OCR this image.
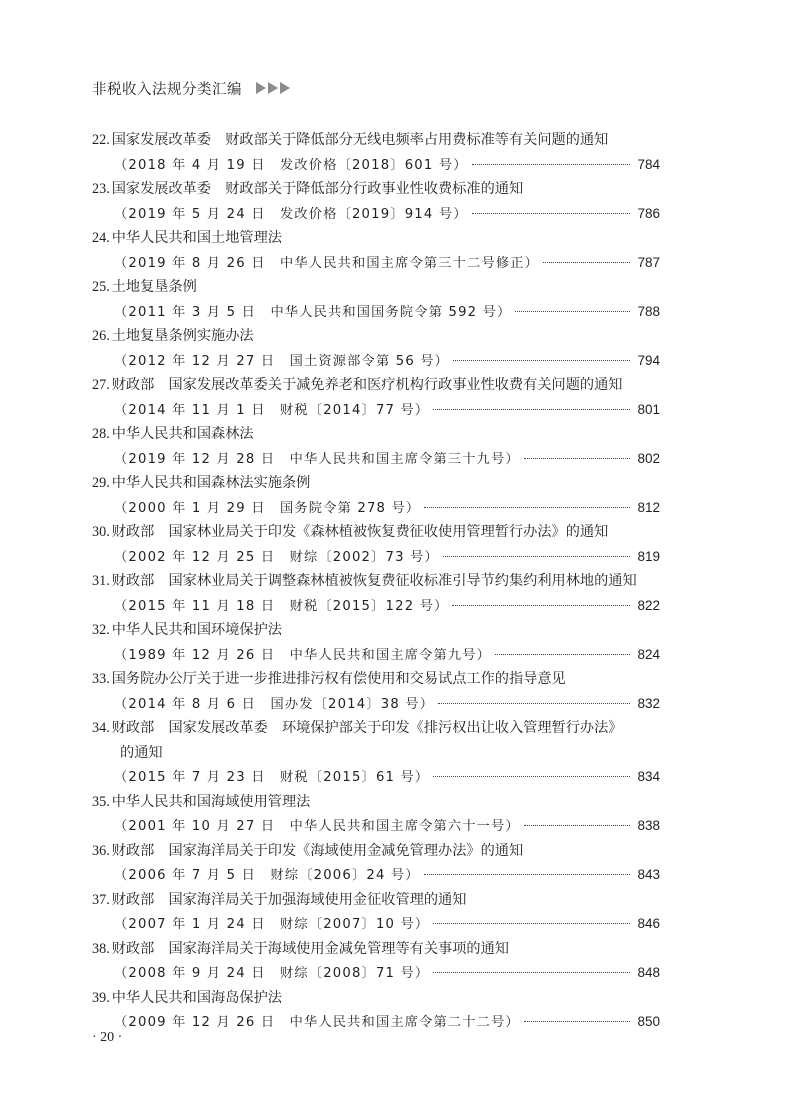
非税收入法规分类汇编
22. 国家发展改革委　财政部关于降低部分无线电频率占用费标准等有关问题的通知
（2018 年 4 月 19 日　发改价格〔2018〕601 号）	784
23. 国家发展改革委　财政部关于降低部分行政事业性收费标准的通知
（2019 年 5 月 24 日　发改价格〔2019〕914 号）	786
24. 中华人民共和国土地管理法
（2019 年 8 月 26 日　中华人民共和国主席令第三十二号修正）	787
25. 土地复垦条例
（2011 年 3 月 5 日　中华人民共和国国务院令第 592 号）	788
26. 土地复垦条例实施办法
（2012 年 12 月 27 日　国土资源部令第 56 号）	794
27. 财政部　国家发展改革委关于减免养老和医疗机构行政事业性收费有关问题的通知
（2014 年 11 月 1 日　财税〔2014〕77 号）	801
28. 中华人民共和国森林法
（2019 年 12 月 28 日　中华人民共和国主席令第三十九号）	802
29. 中华人民共和国森林法实施条例
（2000 年 1 月 29 日　国务院令第 278 号）	812
30. 财政部　国家林业局关于印发《森林植被恢复费征收使用管理暂行办法》的通知
（2002 年 12 月 25 日　财综〔2002〕73 号）	819
31. 财政部　国家林业局关于调整森林植被恢复费征收标准引导节约集约利用林地的通知
（2015 年 11 月 18 日　财税〔2015〕122 号）	822
32. 中华人民共和国环境保护法
（1989 年 12 月 26 日　中华人民共和国主席令第九号）	824
33. 国务院办公厅关于进一步推进排污权有偿使用和交易试点工作的指导意见
（2014 年 8 月 6 日　国办发〔2014〕38 号）	832
34. 财政部　国家发展改革委　环境保护部关于印发《排污权出让收入管理暂行办法》
的通知
（2015 年 7 月 23 日　财税〔2015〕61 号）	834
35. 中华人民共和国海域使用管理法
（2001 年 10 月 27 日　中华人民共和国主席令第六十一号）	838
36. 财政部　国家海洋局关于印发《海域使用金减免管理办法》的通知
（2006 年 7 月 5 日　财综〔2006〕24 号）	843
37. 财政部　国家海洋局关于加强海域使用金征收管理的通知
（2007 年 1 月 24 日　财综〔2007〕10 号）	846
38. 财政部　国家海洋局关于海域使用金减免管理等有关事项的通知
（2008 年 9 月 24 日　财综〔2008〕71 号）	848
39. 中华人民共和国海岛保护法
（2009 年 12 月 26 日　中华人民共和国主席令第二十二号）	850
· 20 ·
